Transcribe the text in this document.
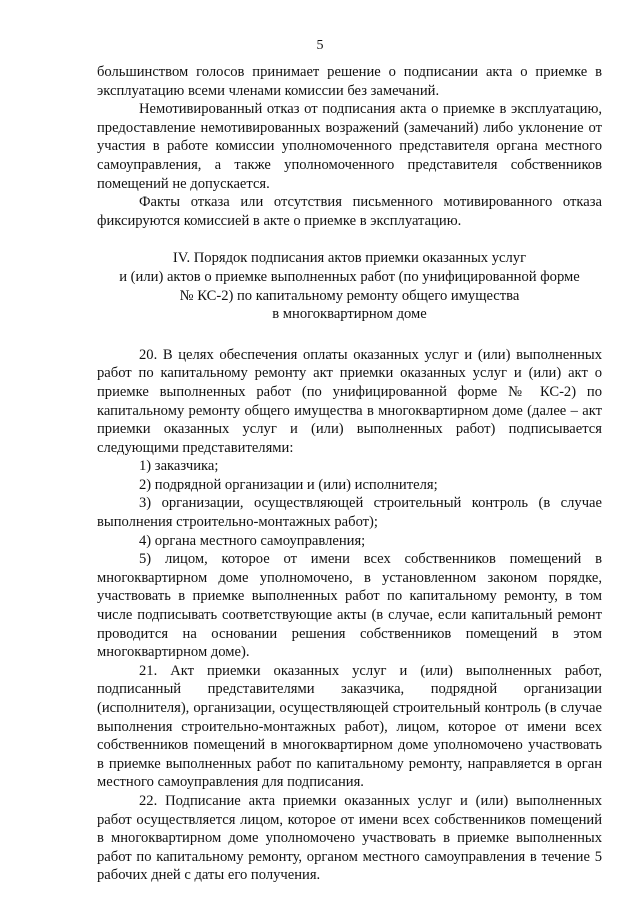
5

большинством голосов принимает решение о подписании акта о приемке в эксплуатацию всеми членами комиссии без замечаний.

Немотивированный отказ от подписания акта о приемке в эксплуатацию, предоставление немотивированных возражений (замечаний) либо уклонение от участия в работе комиссии уполномоченного представителя органа местного самоуправления, а также уполномоченного представителя собственников помещений не допускается.

Факты отказа или отсутствия письменного мотивированного отказа фиксируются комиссией в акте о приемке в эксплуатацию.

IV. Порядок подписания актов приемки оказанных услуг
и (или) актов о приемке выполненных работ (по унифицированной форме
№ КС-2) по капитальному ремонту общего имущества
в многоквартирном доме

20. В целях обеспечения оплаты оказанных услуг и (или) выполненных работ по капитальному ремонту акт приемки оказанных услуг и (или) акт о приемке выполненных работ (по унифицированной форме № КС-2) по капитальному ремонту общего имущества в многоквартирном доме (далее – акт приемки оказанных услуг и (или) выполненных работ) подписывается следующими представителями:

1) заказчика;

2) подрядной организации и (или) исполнителя;

3) организации, осуществляющей строительный контроль (в случае выполнения строительно-монтажных работ);

4) органа местного самоуправления;

5) лицом, которое от имени всех собственников помещений в многоквартирном доме уполномочено, в установленном законом порядке, участвовать в приемке выполненных работ по капитальному ремонту, в том числе подписывать соответствующие акты (в случае, если капитальный ремонт проводится на основании решения собственников помещений в этом многоквартирном доме).

21. Акт приемки оказанных услуг и (или) выполненных работ, подписанный представителями заказчика, подрядной организации (исполнителя), организации, осуществляющей строительный контроль (в случае выполнения строительно-монтажных работ), лицом, которое от имени всех собственников помещений в многоквартирном доме уполномочено участвовать в приемке выполненных работ по капитальному ремонту, направляется в орган местного самоуправления для подписания.

22. Подписание акта приемки оказанных услуг и (или) выполненных работ осуществляется лицом, которое от имени всех собственников помещений в многоквартирном доме уполномочено участвовать в приемке выполненных работ по капитальному ремонту, органом местного самоуправления в течение 5 рабочих дней с даты его получения.
